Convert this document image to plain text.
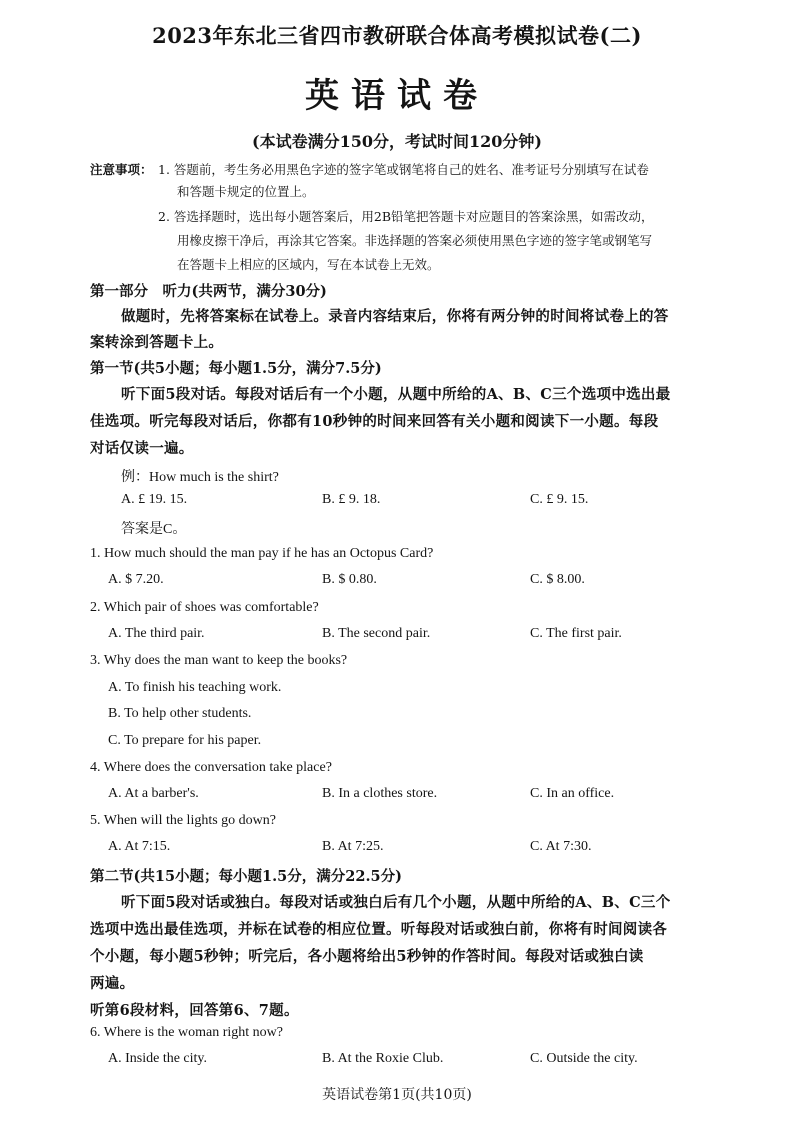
2023年东北三省四市教研联合体高考模拟试卷(二)
英语试卷
(本试卷满分150分，考试时间120分钟)
注意事项： 1. 答题前，考生务必用黑色字迹的签字笔或钢笔将自己的姓名、准考证号分别填写在试卷
和答题卡规定的位置上。
2. 答选择题时，选出每小题答案后，用2B铅笔把答题卡对应题目的答案涂黑，如需改动，
用橡皮擦干净后，再涂其它答案。非选择题的答案必须使用黑色字迹的签字笔或钢笔写
在答题卡上相应的区域内，写在本试卷上无效。
第一部分　听力(共两节，满分30分)
做题时，先将答案标在试卷上。录音内容结束后，你将有两分钟的时间将试卷上的答
案转涂到答题卡上。
第一节(共5小题；每小题1.5分，满分7.5分)
听下面5段对话。每段对话后有一个小题，从题中所给的A、B、C三个选项中选出最
佳选项。听完每段对话后，你都有10秒钟的时间来回答有关小题和阅读下一小题。每段
对话仅读一遍。
例：How much is the shirt?
A. £ 19. 15.	B. £ 9. 18.	C. £ 9. 15.
答案是C。
1. How much should the man pay if he has an Octopus Card?
A. $ 7.20.	B. $ 0.80.	C. $ 8.00.
2. Which pair of shoes was comfortable?
A. The third pair.	B. The second pair.	C. The first pair.
3. Why does the man want to keep the books?
A. To finish his teaching work.
B. To help other students.
C. To prepare for his paper.
4. Where does the conversation take place?
A. At a barber's.	B. In a clothes store.	C. In an office.
5. When will the lights go down?
A. At 7:15.	B. At 7:25.	C. At 7:30.
第二节(共15小题；每小题1.5分，满分22.5分)
听下面5段对话或独白。每段对话或独白后有几个小题，从题中所给的A、B、C三个
选项中选出最佳选项，并标在试卷的相应位置。听每段对话或独白前，你将有时间阅读各
个小题，每小题5秒钟；听完后，各小题将给出5秒钟的作答时间。每段对话或独白读
两遍。
听第6段材料，回答第6、7题。
6. Where is the woman right now?
A. Inside the city.	B. At the Roxie Club.	C. Outside the city.
英语试卷第1页(共10页)
